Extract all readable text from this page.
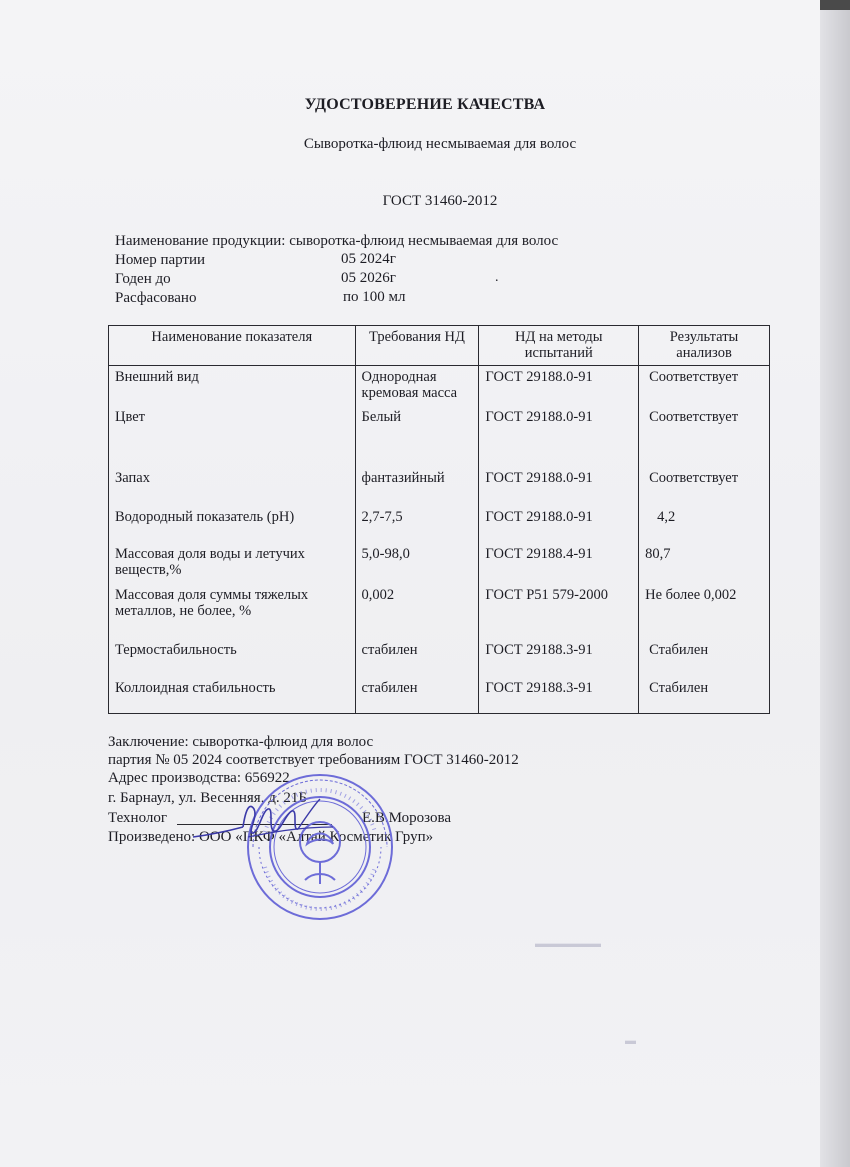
УДОСТОВЕРЕНИЕ КАЧЕСТВА
Сыворотка-флюид несмываемая для волос
ГОСТ 31460-2012
Наименование продукции: сыворотка-флюид несмываемая для волос
Номер партии	05 2024г
Годен до	05 2026г	.
Расфасовано	по 100 мл
Наименование показателя	Требования НД	НД на методы испытаний	Результаты анализов
Внешний вид	Однородная кремовая масса	ГОСТ 29188.0-91	Соответствует
Цвет	Белый	ГОСТ 29188.0-91	Соответствует
Запах	фантазийный	ГОСТ 29188.0-91	Соответствует
Водородный показатель (pH)	2,7-7,5	ГОСТ 29188.0-91	4,2
Массовая доля воды и летучих веществ,%	5,0-98,0	ГОСТ 29188.4-91	80,7
Массовая доля суммы тяжелых металлов, не более, %	0,002	ГОСТ Р51 579-2000	Не более 0,002
Термостабильность	стабилен	ГОСТ 29188.3-91	Стабилен
Коллоидная стабильность	стабилен	ГОСТ 29188.3-91	Стабилен
Заключение: сыворотка-флюид для волос
партия № 05 2024 соответствует требованиям ГОСТ 31460-2012
Адрес производства: 656922
г. Барнаул, ул. Весенняя, д. 21Б
Технолог	Е.В.Морозова
Произведено: ООО «ПКФ «Алтай Косметик Груп»
▬▬▬▬▬▬
▬
